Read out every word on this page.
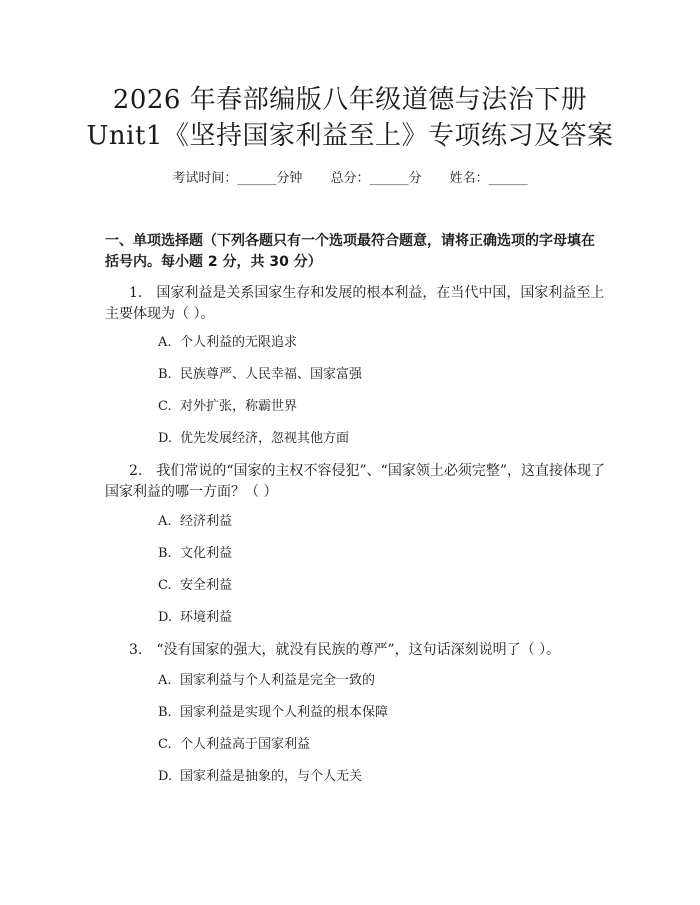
2026 年春部编版八年级道德与法治下册
Unit1《坚持国家利益至上》专项练习及答案
考试时间：______分钟 总分：______分 姓名：______
一、单项选择题（下列各题只有一个选项最符合题意，请将正确选项的字母填在括号内。每小题 2 分，共 30 分）
1. 国家利益是关系国家生存和发展的根本利益，在当代中国，国家利益至上主要体现为（ ）。
A. 个人利益的无限追求
B. 民族尊严、人民幸福、国家富强
C. 对外扩张，称霸世界
D. 优先发展经济，忽视其他方面
2. 我们常说的“国家的主权不容侵犯”、“国家领土必须完整”，这直接体现了国家利益的哪一方面？（ ）
A. 经济利益
B. 文化利益
C. 安全利益
D. 环境利益
3. “没有国家的强大，就没有民族的尊严”，这句话深刻说明了（ ）。
A. 国家利益与个人利益是完全一致的
B. 国家利益是实现个人利益的根本保障
C. 个人利益高于国家利益
D. 国家利益是抽象的，与个人无关
